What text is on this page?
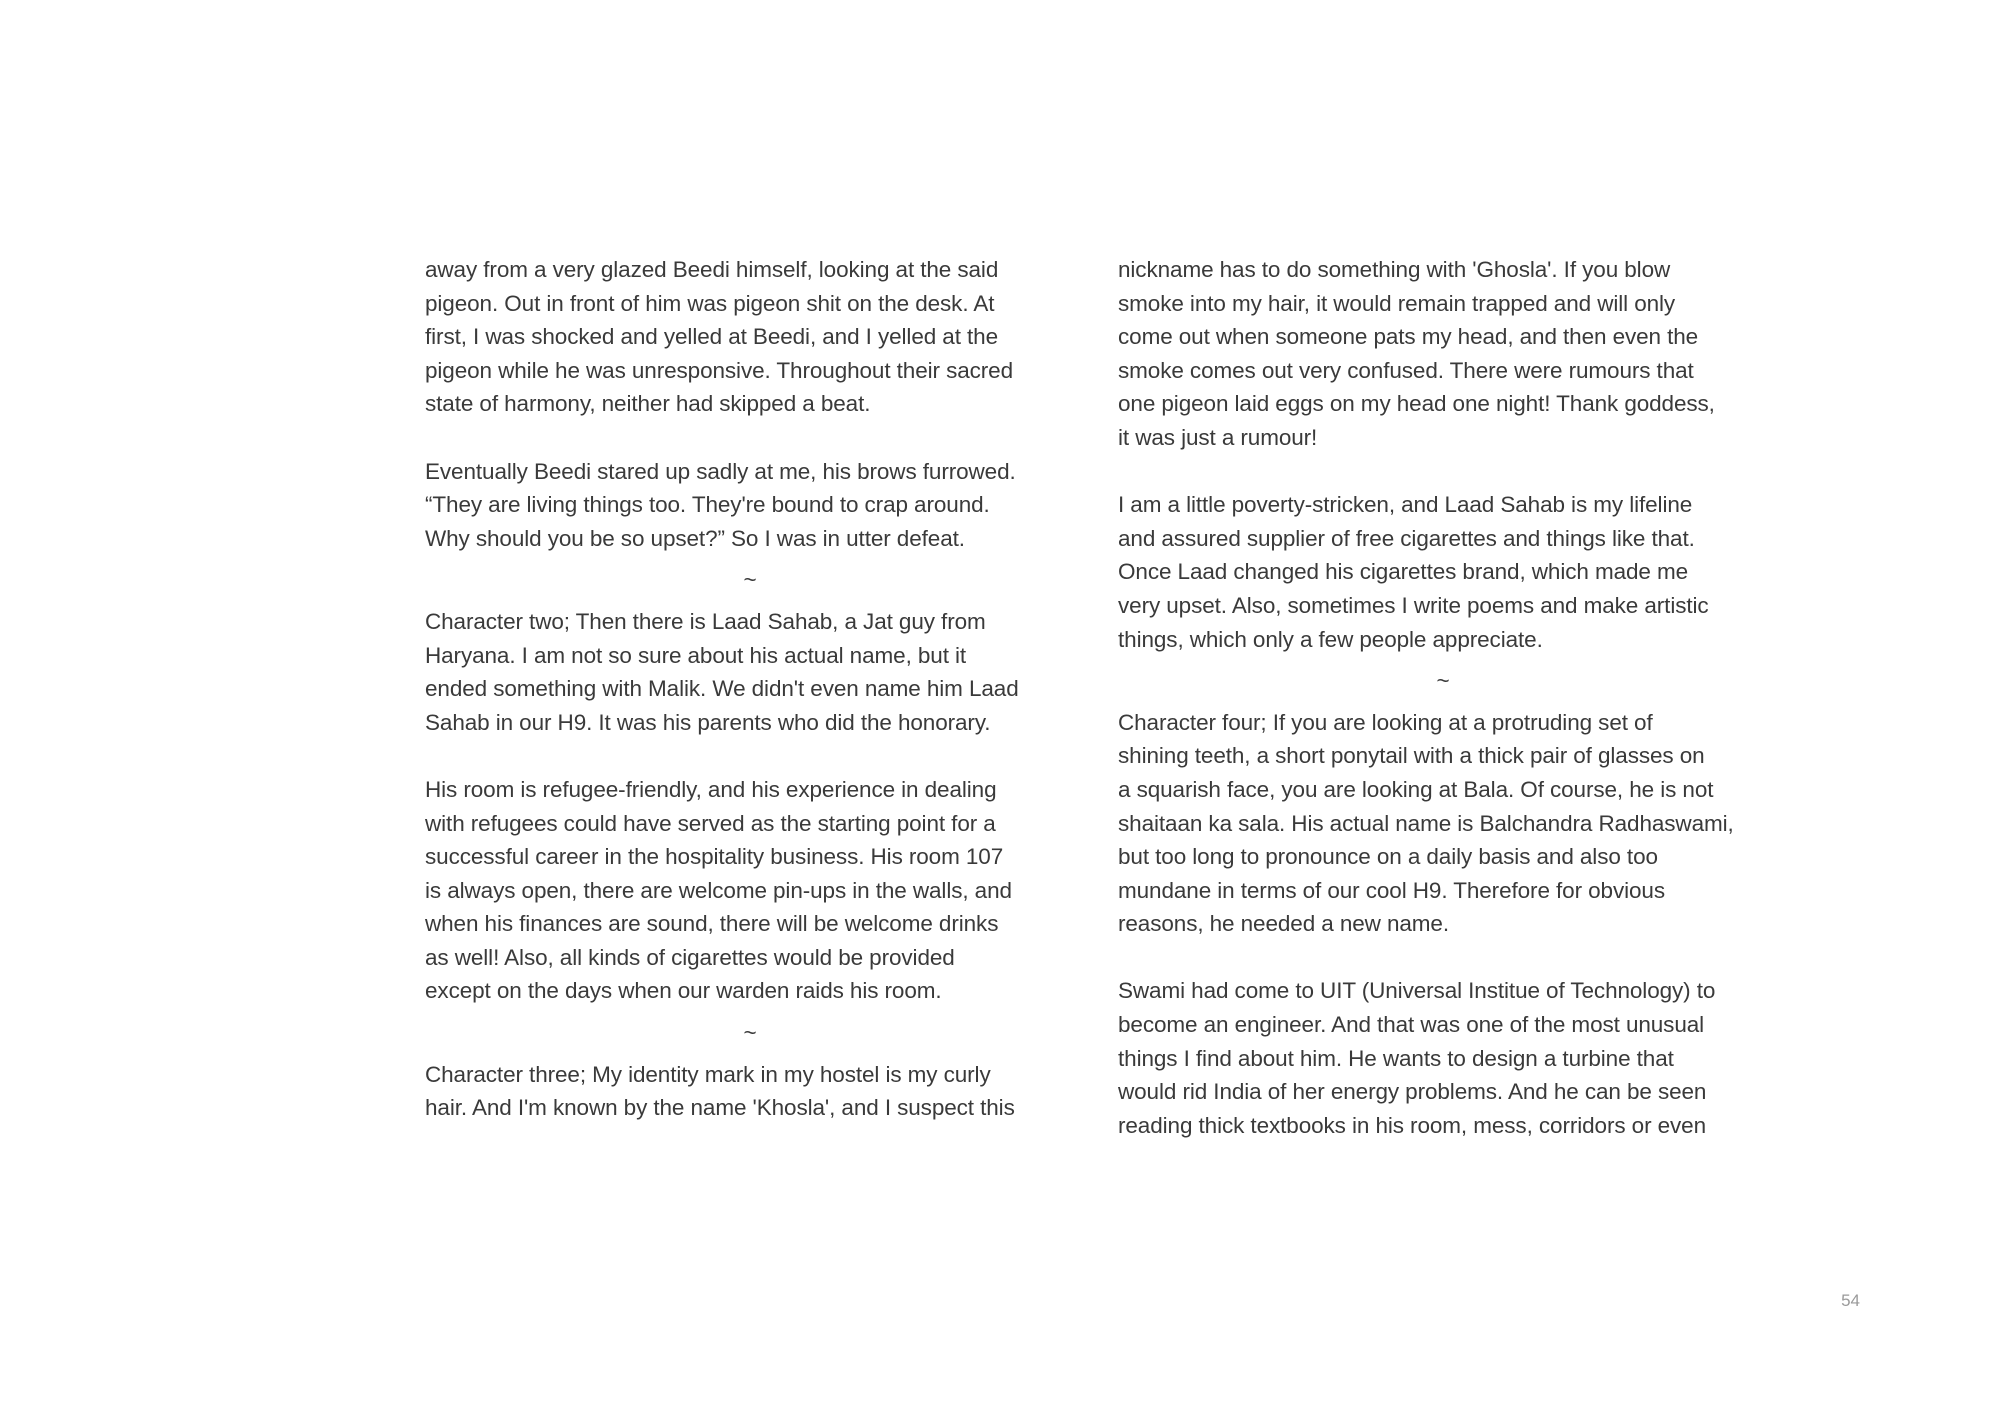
away from a very glazed Beedi himself, looking at the said
pigeon. Out in front of him was pigeon shit on the desk. At
first, I was shocked and yelled at Beedi, and I yelled at the
pigeon while he was unresponsive. Throughout their sacred
state of harmony, neither had skipped a beat.
Eventually Beedi stared up sadly at me, his brows furrowed.
“They are living things too. They're bound to crap around.
Why should you be so upset?” So I was in utter defeat.
~
Character two; Then there is Laad Sahab, a Jat guy from
Haryana. I am not so sure about his actual name, but it
ended something with Malik. We didn't even name him Laad
Sahab in our H9. It was his parents who did the honorary.
His room is refugee-friendly, and his experience in dealing
with refugees could have served as the starting point for a
successful career in the hospitality business. His room 107
is always open, there are welcome pin-ups in the walls, and
when his finances are sound, there will be welcome drinks
as well! Also, all kinds of cigarettes would be provided
except on the days when our warden raids his room.
~
Character three; My identity mark in my hostel is my curly
hair. And I'm known by the name 'Khosla', and I suspect this
nickname has to do something with 'Ghosla'. If you blow
smoke into my hair, it would remain trapped and will only
come out when someone pats my head, and then even the
smoke comes out very confused. There were rumours that
one pigeon laid eggs on my head one night! Thank goddess,
it was just a rumour!
I am a little poverty-stricken, and Laad Sahab is my lifeline
and assured supplier of free cigarettes and things like that.
Once Laad changed his cigarettes brand, which made me
very upset. Also, sometimes I write poems and make artistic
things, which only a few people appreciate.
~
Character four; If you are looking at a protruding set of
shining teeth, a short ponytail with a thick pair of glasses on
a squarish face, you are looking at Bala. Of course, he is not
shaitaan ka sala. His actual name is Balchandra Radhaswami,
but too long to pronounce on a daily basis and also too
mundane in terms of our cool H9. Therefore for obvious
reasons, he needed a new name.
Swami had come to UIT (Universal Institue of Technology) to
become an engineer. And that was one of the most unusual
things I find about him. He wants to design a turbine that
would rid India of her energy problems. And he can be seen
reading thick textbooks in his room, mess, corridors or even
54
